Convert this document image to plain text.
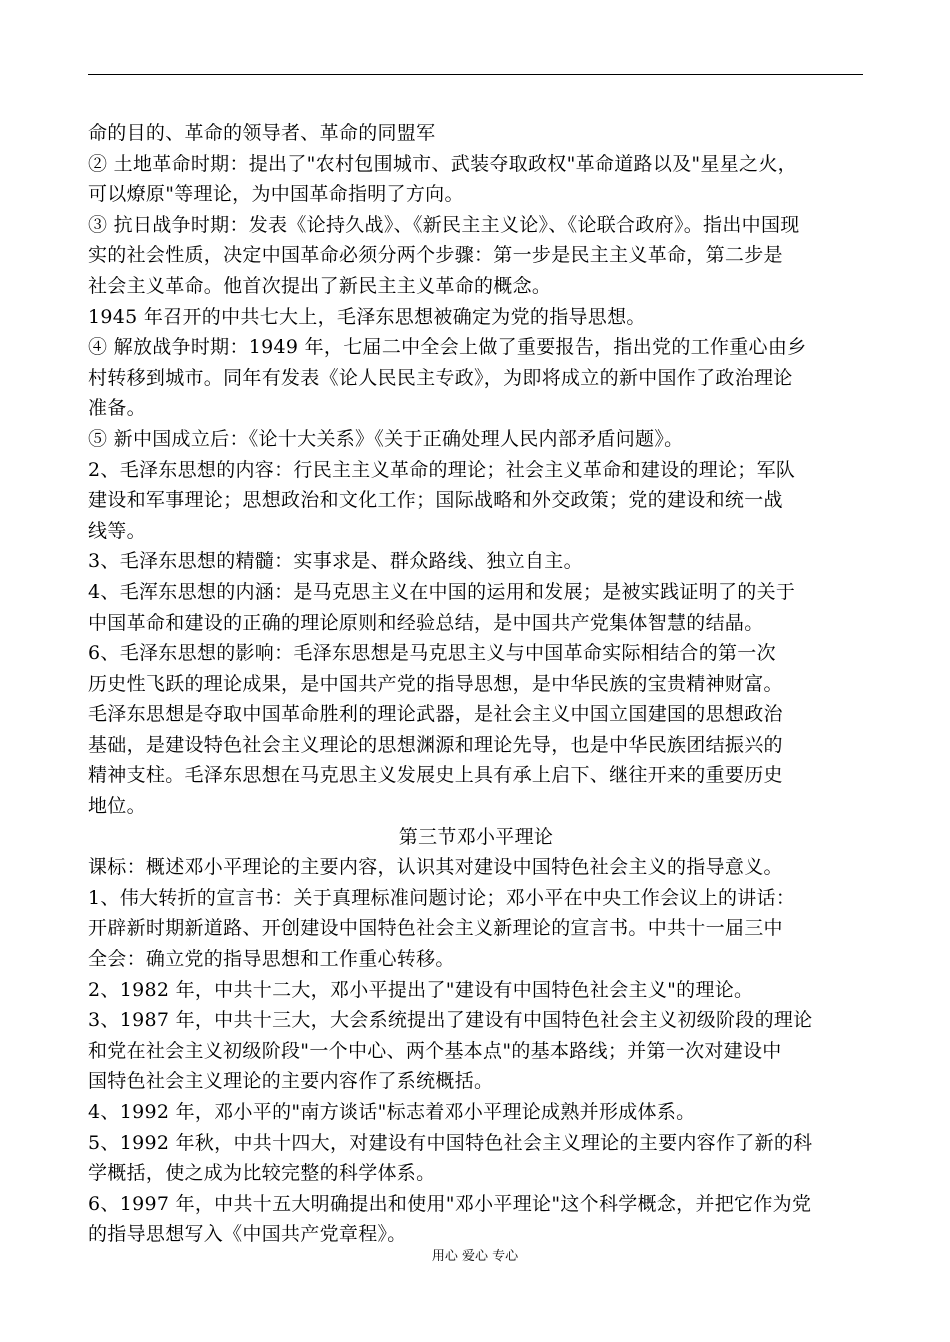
命的目的、革命的领导者、革命的同盟军
② 土地革命时期：提出了"农村包围城市、武装夺取政权"革命道路以及"星星之火，
可以燎原"等理论，为中国革命指明了方向。
③ 抗日战争时期：发表《论持久战》、《新民主主义论》、《论联合政府》。指出中国现
实的社会性质，决定中国革命必须分两个步骤：第一步是民主主义革命，第二步是
社会主义革命。他首次提出了新民主主义革命的概念。
1945 年召开的中共七大上，毛泽东思想被确定为党的指导思想。
④ 解放战争时期：1949 年，七届二中全会上做了重要报告，指出党的工作重心由乡
村转移到城市。同年有发表《论人民民主专政》，为即将成立的新中国作了政治理论
准备。
⑤ 新中国成立后：《论十大关系》《关于正确处理人民内部矛盾问题》。
2、毛泽东思想的内容：行民主主义革命的理论；社会主义革命和建设的理论；军队
建设和军事理论；思想政治和文化工作；国际战略和外交政策；党的建设和统一战
线等。
3、毛泽东思想的精髓：实事求是、群众路线、独立自主。
4、毛浑东思想的内涵：是马克思主义在中国的运用和发展；是被实践证明了的关于
中国革命和建设的正确的理论原则和经验总结，是中国共产党集体智慧的结晶。
6、毛泽东思想的影响：毛泽东思想是马克思主义与中国革命实际相结合的第一次
历史性飞跃的理论成果，是中国共产党的指导思想，是中华民族的宝贵精神财富。
毛泽东思想是夺取中国革命胜利的理论武器，是社会主义中国立国建国的思想政治
基础，是建设特色社会主义理论的思想渊源和理论先导，也是中华民族团结振兴的
精神支柱。毛泽东思想在马克思主义发展史上具有承上启下、继往开来的重要历史
地位。
第三节邓小平理论
课标：概述邓小平理论的主要内容，认识其对建设中国特色社会主义的指导意义。
1、伟大转折的宣言书：关于真理标准问题讨论；邓小平在中央工作会议上的讲话：
开辟新时期新道路、开创建设中国特色社会主义新理论的宣言书。中共十一届三中
全会：确立党的指导思想和工作重心转移。
2、1982 年，中共十二大，邓小平提出了"建设有中国特色社会主义"的理论。
3、1987 年，中共十三大，大会系统提出了建设有中国特色社会主义初级阶段的理论
和党在社会主义初级阶段"一个中心、两个基本点"的基本路线；并第一次对建设中
国特色社会主义理论的主要内容作了系统概括。
4、1992 年，邓小平的"南方谈话"标志着邓小平理论成熟并形成体系。
5、1992 年秋，中共十四大，对建设有中国特色社会主义理论的主要内容作了新的科
学概括，使之成为比较完整的科学体系。
6、1997 年，中共十五大明确提出和使用"邓小平理论"这个科学概念，并把它作为党
的指导思想写入《中国共产党章程》。
用心 爱心 专心
